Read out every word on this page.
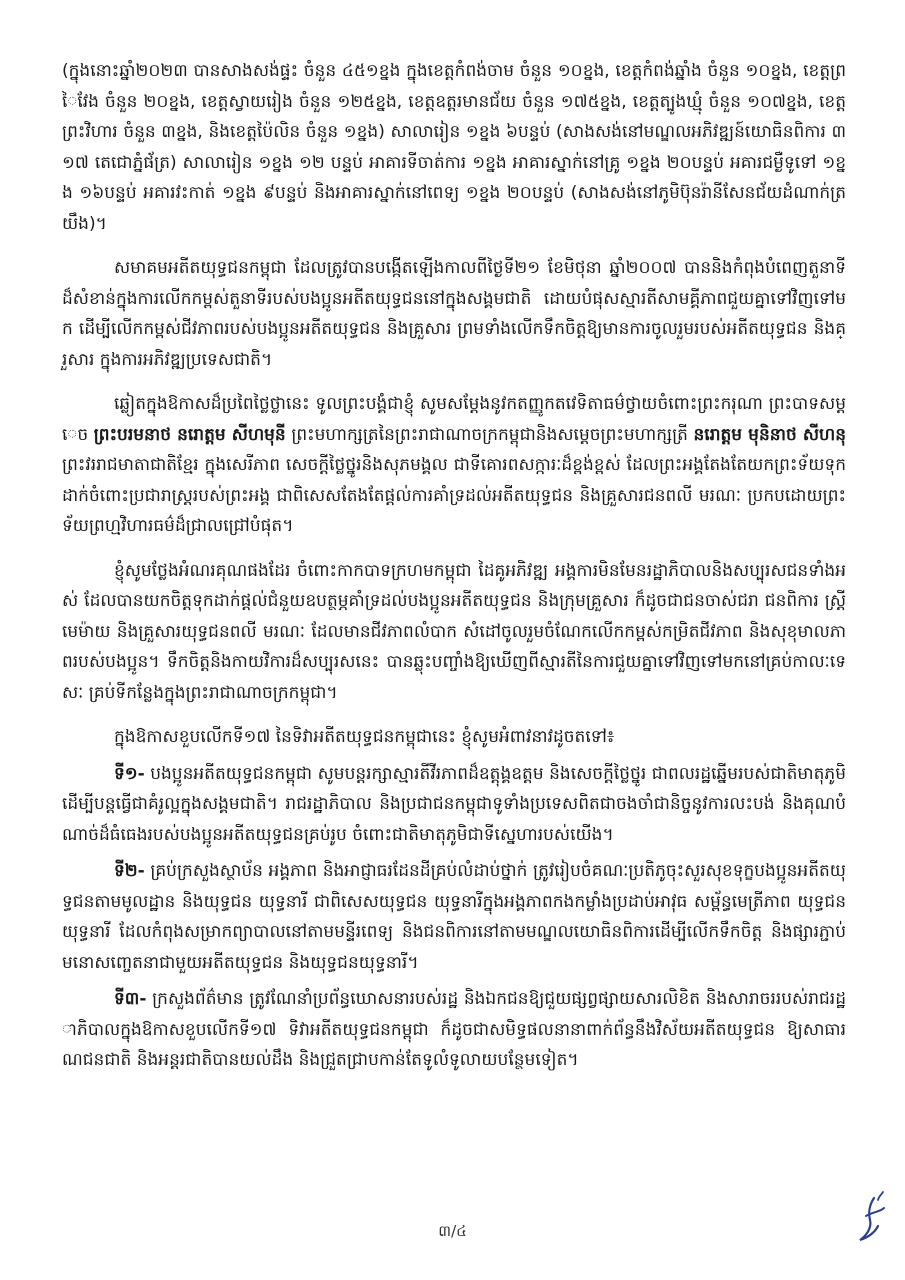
(ក្នុងនោះឆ្នាំ២០២៣ បានសាងសង់ផ្ទះ ចំនួន ៤៥១ខ្នង ក្នុងខេត្តកំពង់ចាម ចំនួន ១០ខ្នង, ខេត្តកំពង់ឆ្នាំង ចំនួន ១០ខ្នង, ខេត្តព្រៃវែង ចំនួន ២០ខ្នង, ខេត្តស្វាយរៀង ចំនួន ១២៥ខ្នង, ខេត្តឧត្តរមានជ័យ ចំនួន ១៧៥ខ្នង, ខេត្តត្បូងឃ្មុំ ចំនួន ១០៧ខ្នង, ខេត្តព្រះវិហារ ចំនួន ៣ខ្នង, និងខេត្តប៉ៃលិន ចំនួន ១ខ្នង) សាលារៀន ១ខ្នង ៦បន្ទប់ (សាងសង់នៅមណ្ឌលអភិវឌ្ឍន៍យោធិនពិការ ៣១៧ តេជោភ្នំផ័ត្រ) សាលារៀន ១ខ្នង ១២ បន្ទប់ អាគារទីចាត់ការ ១ខ្នង អាគារស្នាក់នៅគ្រូ ១ខ្នង ២០បន្ទប់ អគារជម្ងឺទូទៅ ១ខ្នង ១៦បន្ទប់ អគារវះកាត់ ១ខ្នង ៩បន្ទប់ និងអាគារស្នាក់នៅពេទ្យ ១ខ្នង ២០បន្ទប់ (សាងសង់នៅភូមិប៊ុនរ៉ានីសែនជ័យដំណាក់ត្រយឹង)។

សមាគមអតីតយុទ្ធជនកម្ពុជា ដែលត្រូវបានបង្កើតឡើងកាលពីថ្ងៃទី២១ ខែមិថុនា ឆ្នាំ២០០៧ បាននិងកំពុងបំពេញតួនាទីដ៏សំខាន់ក្នុងការលើកកម្ពស់តួនាទីរបស់បងប្អូនអតីតយុទ្ធជននៅក្នុងសង្គមជាតិ ដោយបំផុសស្មារតីសាមគ្គីភាពជួយគ្នាទៅវិញទៅមក ដើម្បីលើកកម្ពស់ជីវភាពរបស់បងប្អូនអតីតយុទ្ធជន និងគ្រួសារ ព្រមទាំងលើកទឹកចិត្តឱ្យមានការចូលរួមរបស់អតីតយុទ្ធជន និងគ្រួសារ ក្នុងការអភិវឌ្ឍប្រទេសជាតិ។

ឆ្លៀតក្នុងឱកាសដ៏ប្រពៃថ្លៃថ្លានេះ ទូលព្រះបង្គំជាខ្ញុំ សូមសម្តែងនូវកតញ្ញូកតវេទិតាធម៌ថ្វាយចំពោះព្រះករុណា ព្រះបាទសម្តេច ព្រះបរមនាថ នរោត្តម សីហមុនី ព្រះមហាក្សត្រនៃព្រះរាជាណាចក្រកម្ពុជានិងសម្តេចព្រះមហាក្សត្រី នរោត្តម មុនិនាថ សីហនុ ព្រះវររាជមាតាជាតិខ្មែរ ក្នុងសេរីភាព សេចក្តីថ្លៃថ្នូរនិងសុភមង្គល ជាទីគោរពសក្ការៈដ៏ខ្ពង់ខ្ពស់ ដែលព្រះអង្គតែងតែយកព្រះទ័យទុកដាក់ចំពោះប្រជារាស្ត្ររបស់ព្រះអង្គ ជាពិសេសតែងតែផ្តល់ការគាំទ្រដល់អតីតយុទ្ធជន និងគ្រួសារជនពលី មរណៈ ប្រកបដោយព្រះទ័យព្រហ្មវិហារធម៌ដ៏ជ្រាលជ្រៅបំផុត។

ខ្ញុំសូមថ្លែងអំណរគុណផងដែរ ចំពោះកាកបាទក្រហមកម្ពុជា ដៃគូអភិវឌ្ឍ អង្គការមិនមែនរដ្ឋាភិបាលនិងសប្បុរសជនទាំងអស់ ដែលបានយកចិត្តទុកដាក់ផ្តល់ជំនួយឧបត្ថម្ភគាំទ្រដល់បងប្អូនអតីតយុទ្ធជន និងក្រុមគ្រួសារ ក៏ដូចជាជនចាស់ជរា ជនពិការ ស្ត្រីមេម៉ាយ និងគ្រួសារយុទ្ធជនពលី មរណៈ ដែលមានជីវភាពលំបាក សំដៅចូលរួមចំណែកលើកកម្ពស់កម្រិតជីវភាព និងសុខុមាលភាពរបស់បងប្អូន។ ទឹកចិត្តនិងកាយវិការដ៏សប្បុរសនេះ បានឆ្លុះបញ្ចាំងឱ្យឃើញពីស្មារតីនៃការជួយគ្នាទៅវិញទៅមកនៅគ្រប់កាលៈទេសៈ គ្រប់ទីកន្លែងក្នុងព្រះរាជាណាចក្រកម្ពុជា។

ក្នុងឱកាសខួបលើកទី១៧ នៃទិវាអតីតយុទ្ធជនកម្ពុជានេះ ខ្ញុំសូមអំពាវនាវដូចតទៅ៖

ទី១- បងប្អូនអតីតយុទ្ធជនកម្ពុជា សូមបន្តរក្សាស្មារតីវីរភាពដ៏ឧត្តុង្គឧត្តម និងសេចក្តីថ្លៃថ្នូរ ជាពលរដ្ឋឆ្នើមរបស់ជាតិមាតុភូមិ ដើម្បីបន្តធ្វើជាគំរូល្អក្នុងសង្គមជាតិ។ រាជរដ្ឋាភិបាល និងប្រជាជនកម្ពុជាទូទាំងប្រទេសពិតជាចងចាំជានិច្ចនូវការលះបង់ និងគុណបំណាច់ដ៏ធំធេងរបស់បងប្អូនអតីតយុទ្ធជនគ្រប់រូប ចំពោះជាតិមាតុភូមិជាទីស្នេហារបស់យើង។

ទី២- គ្រប់ក្រសួងស្ថាប័ន អង្គភាព និងអាជ្ញាធរដែនដីគ្រប់លំដាប់ថ្នាក់ ត្រូវរៀបចំគណៈប្រតិភូចុះសួរសុខទុក្ខបងប្អូនអតីតយុទ្ធជនតាមមូលដ្ឋាន និងយុទ្ធជន យុទ្ធនារី ជាពិសេសយុទ្ធជន យុទ្ធនារីក្នុងអង្គភាពកងកម្លាំងប្រដាប់អាវុធ សម្ព័ន្ធមេត្រីភាព យុទ្ធជន យុទ្ធនារី ដែលកំពុងសម្រាកព្យាបាលនៅតាមមន្ទីរពេទ្យ និងជនពិការនៅតាមមណ្ឌលយោធិនពិការដើម្បីលើកទឹកចិត្ត និងផ្សារភ្ជាប់មនោសញ្ចេតនាជាមួយអតីតយុទ្ធជន និងយុទ្ធជនយុទ្ធនារី។

ទី៣- ក្រសួងព័ត៌មាន ត្រូវណែនាំប្រព័ន្ធឃោសនារបស់រដ្ឋ និងឯកជនឱ្យជួយផ្សព្វផ្សាយសារលិខិត និងសារាចររបស់រាជរដ្ឋាភិបាលក្នុងឱកាសខួបលើកទី១៧ ទិវាអតីតយុទ្ធជនកម្ពុជា ក៏ដូចជាសមិទ្ធផលនានាពាក់ព័ន្ធនឹងវិស័យអតីតយុទ្ធជន ឱ្យសាធារណជនជាតិ និងអន្តរជាតិបានយល់ដឹង និងជ្រួតជ្រាបកាន់តែទូលំទូលាយបន្ថែមទៀត។

៣/៤
